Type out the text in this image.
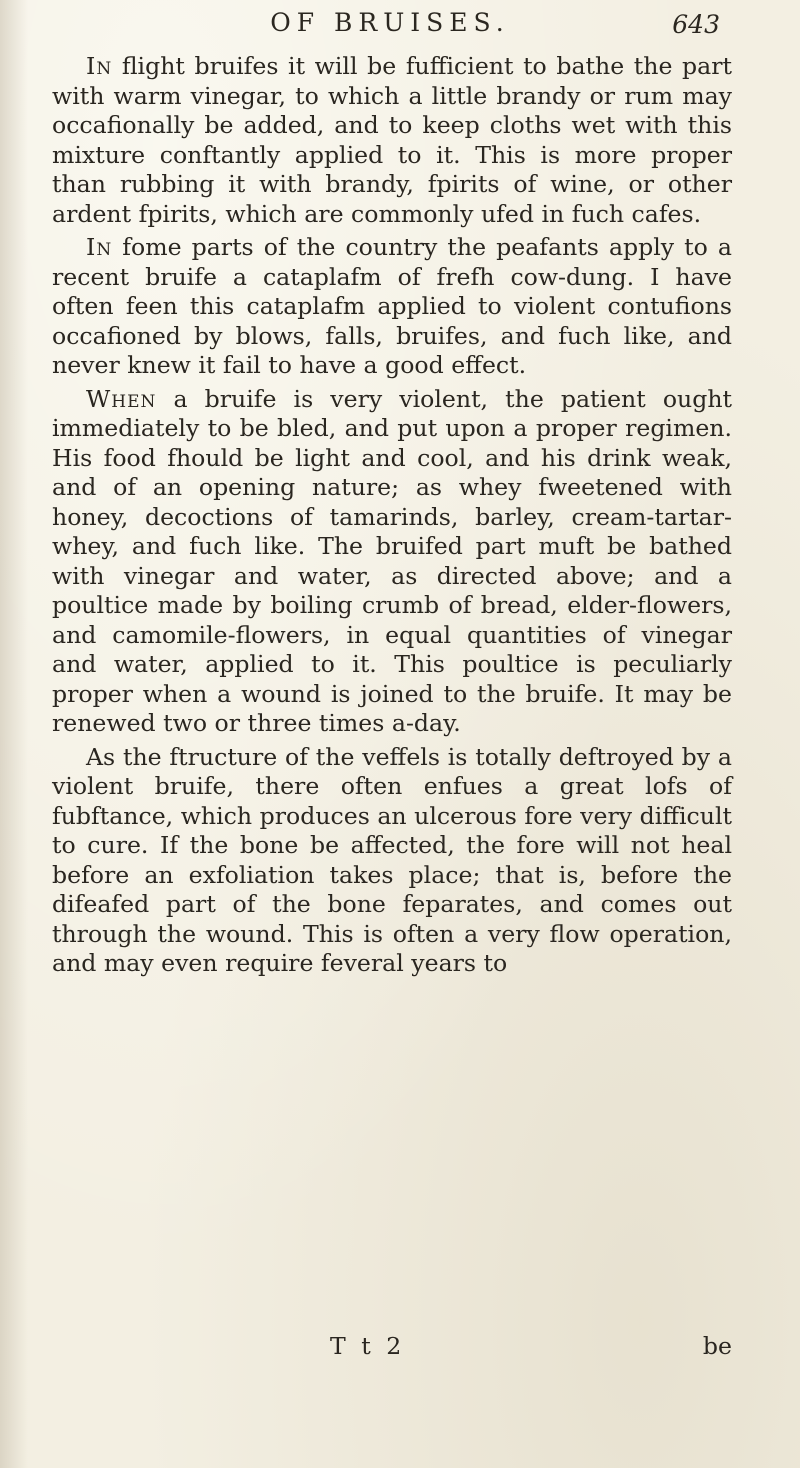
OF BRUISES.	643

In flight bruifes it will be fufficient to bathe the part with warm vinegar, to which a little brandy or rum may occafionally be added, and to keep cloths wet with this mixture conftantly applied to it. This is more proper than rubbing it with brandy, fpirits of wine, or other ardent fpirits, which are commonly ufed in fuch cafes.

In fome parts of the country the peafants apply to a recent bruife a cataplafm of frefh cow-dung. I have often feen this cataplafm applied to violent contufions occafioned by blows, falls, bruifes, and fuch like, and never knew it fail to have a good effect.

When a bruife is very violent, the patient ought immediately to be bled, and put upon a proper regimen. His food fhould be light and cool, and his drink weak, and of an opening nature; as whey fweetened with honey, decoctions of tamarinds, barley, cream-tartar-whey, and fuch like. The bruifed part muft be bathed with vinegar and water, as directed above; and a poultice made by boiling crumb of bread, elder-flowers, and camomile-flowers, in equal quantities of vinegar and water, applied to it. This poultice is peculiarly proper when a wound is joined to the bruife. It may be renewed two or three times a-day.

As the ftructure of the veffels is totally deftroyed by a violent bruife, there often enfues a great lofs of fubftance, which produces an ulcerous fore very difficult to cure. If the bone be affected, the fore will not heal before an exfoliation takes place; that is, before the difeafed part of the bone feparates, and comes out through the wound. This is often a very flow operation, and may even require feveral years to

T t 2	be
